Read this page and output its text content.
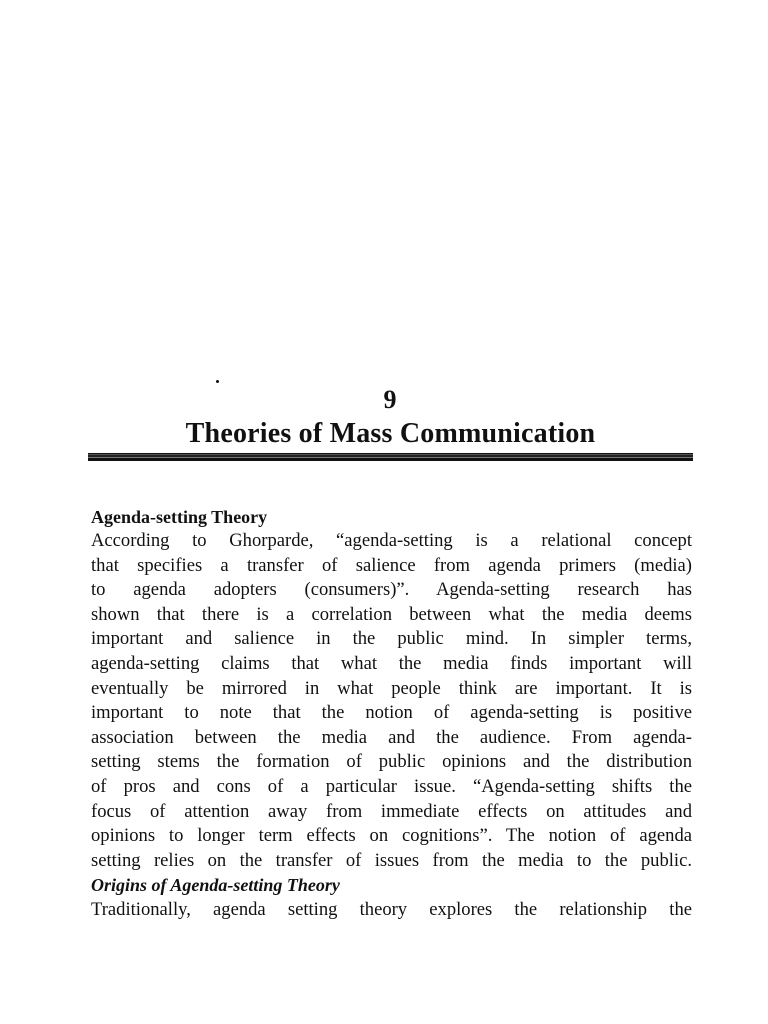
9
Theories of Mass Communication

Agenda-setting Theory

According to Ghorparde, “agenda-setting is a relational concept
that specifies a transfer of salience from agenda primers (media)
to agenda adopters (consumers)”. Agenda-setting research has
shown that there is a correlation between what the media deems
important and salience in the public mind. In simpler terms,
agenda-setting claims that what the media finds important will
eventually be mirrored in what people think are important. It is
important to note that the notion of agenda-setting is positive
association between the media and the audience. From agenda-
setting stems the formation of public opinions and the distribution
of pros and cons of a particular issue. “Agenda-setting shifts the
focus of attention away from immediate effects on attitudes and
opinions to longer term effects on cognitions”. The notion of agenda
setting relies on the transfer of issues from the media to the public.

Origins of Agenda-setting Theory

Traditionally, agenda setting theory explores the relationship the
